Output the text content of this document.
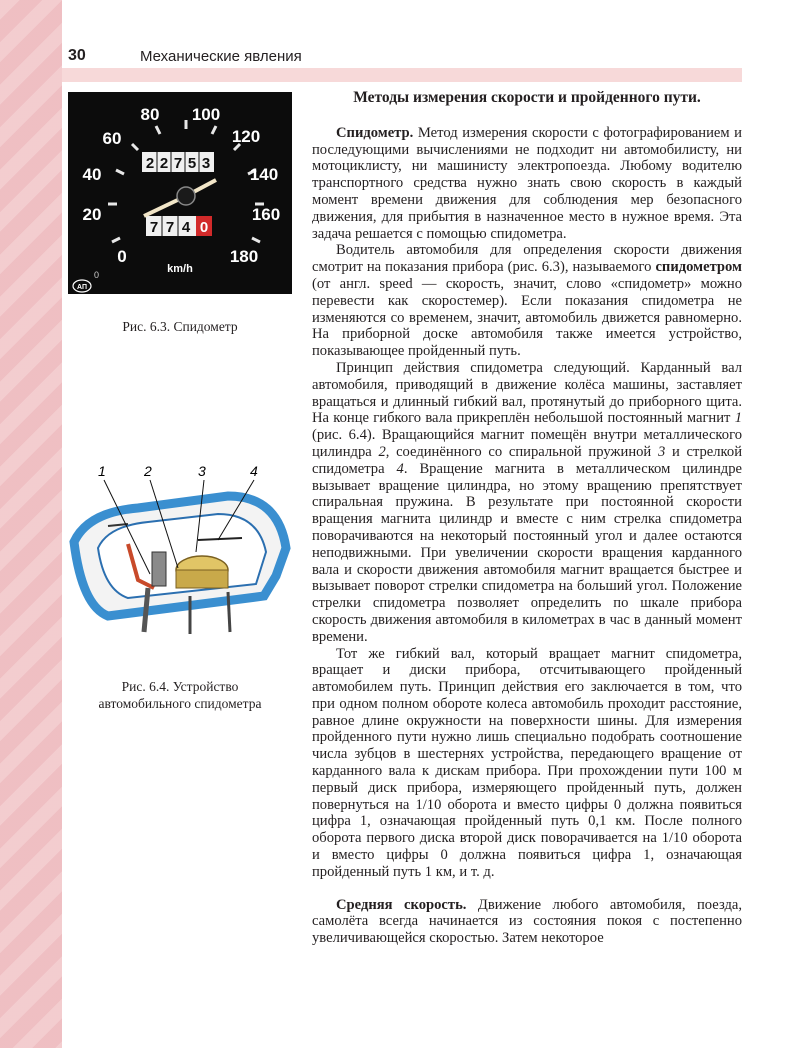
30	Механические явления
0
20
40
60
80 100
120
140
160
180
2 2 7 5 3
7 7 4 0
km/h
0
АП
Рис. 6.3. Спидометр
1	2	3	4
Рис. 6.4. Устройство
автомобильного спидометра
Методы измерения скорости и пройденного пути.

Спидометр. Метод измерения скорости с фотографированием и последующими вычислениями не подходит ни автомобилисту, ни мотоциклисту, ни машинисту электропоезда. Любому водителю транспортного средства нужно знать свою скорость в каждый момент времени движения для соблюдения мер безопасного движения, для прибытия в назначенное место в нужное время. Эта задача решается с помощью спидометра.

Водитель автомобиля для определения скорости движения смотрит на показания прибора (рис. 6.3), называемого спидометром (от англ. speed — скорость, значит, слово «спидометр» можно перевести как скоростемер). Если показания спидометра не изменяются со временем, значит, автомобиль движется равномерно. На приборной доске автомобиля также имеется устройство, показывающее пройденный путь.

Принцип действия спидометра следующий. Карданный вал автомобиля, приводящий в движение колёса машины, заставляет вращаться и длинный гибкий вал, протянутый до приборного щита. На конце гибкого вала прикреплён небольшой постоянный магнит 1 (рис. 6.4). Вращающийся магнит помещён внутри металлического цилиндра 2, соединённого со спиральной пружиной 3 и стрелкой спидометра 4. Вращение магнита в металлическом цилиндре вызывает вращение цилиндра, но этому вращению препятствует спиральная пружина. В результате при постоянной скорости вращения магнита цилиндр и вместе с ним стрелка спидометра поворачиваются на некоторый постоянный угол и далее остаются неподвижными. При увеличении скорости вращения карданного вала и скорости движения автомобиля магнит вращается быстрее и вызывает поворот стрелки спидометра на больший угол. Положение стрелки спидометра позволяет определить по шкале прибора скорость движения автомобиля в километрах в час в данный момент времени.

Тот же гибкий вал, который вращает магнит спидометра, вращает и диски прибора, отсчитывающего пройденный автомобилем путь. Принцип действия его заключается в том, что при одном полном обороте колеса автомобиль проходит расстояние, равное длине окружности на поверхности шины. Для измерения пройденного пути нужно лишь специально подобрать соотношение числа зубцов в шестернях устройства, передающего вращение от карданного вала к дискам прибора. При прохождении пути 100 м первый диск прибора, измеряющего пройденный путь, должен повернуться на 1/10 оборота и вместо цифры 0 должна появиться цифра 1, означающая пройденный путь 0,1 км. После полного оборота первого диска второй диск поворачивается на 1/10 оборота и вместо цифры 0 должна появиться цифра 1, означающая пройденный путь 1 км, и т. д.

Средняя скорость. Движение любого автомобиля, поезда, самолёта всегда начинается из состояния покоя с постепенно увеличивающейся скоростью. Затем некоторое
